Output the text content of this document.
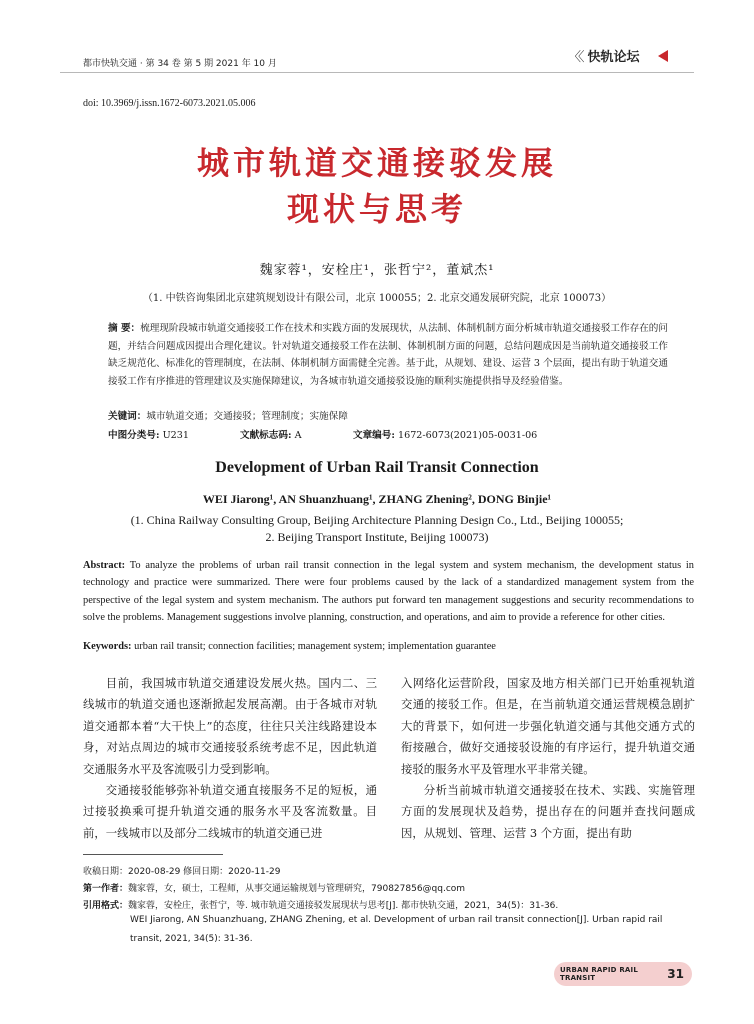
都市快轨交通 · 第 34 卷 第 5 期 2021 年 10 月	〈〈 快轨论坛
doi: 10.3969/j.issn.1672-6073.2021.05.006
城市轨道交通接驳发展
现状与思考
魏家蓉¹，安栓庄¹，张哲宁²，董斌杰¹
（1. 中铁咨询集团北京建筑规划设计有限公司，北京 100055；2. 北京交通发展研究院，北京 100073）
摘 要：梳理现阶段城市轨道交通接驳工作在技术和实践方面的发展现状，从法制、体制机制方面分析城市轨道交通接驳工作存在的问题，并结合问题成因提出合理化建议。针对轨道交通接驳工作在法制、体制机制方面的问题，总结问题成因是当前轨道交通接驳工作缺乏规范化、标准化的管理制度，在法制、体制机制方面需健全完善。基于此，从规划、建设、运营 3 个层面，提出有助于轨道交通接驳工作有序推进的管理建议及实施保障建议，为各城市轨道交通接驳设施的顺利实施提供指导及经验借鉴。
关键词：城市轨道交通；交通接驳；管理制度；实施保障
中图分类号: U231	文献标志码: A	文章编号: 1672-6073(2021)05-0031-06
Development of Urban Rail Transit Connection
WEI Jiarong¹, AN Shuanzhuang¹, ZHANG Zhening², DONG Binjie¹
(1. China Railway Consulting Group, Beijing Architecture Planning Design Co., Ltd., Beijing 100055;
2. Beijing Transport Institute, Beijing 100073)
Abstract: To analyze the problems of urban rail transit connection in the legal system and system mechanism, the development status in technology and practice were summarized. There were four problems caused by the lack of a standardized management system from the perspective of the legal system and system mechanism. The authors put forward ten management suggestions and security recommendations to solve the problems. Management suggestions involve planning, construction, and operations, and aim to provide a reference for other cities.
Keywords: urban rail transit; connection facilities; management system; implementation guarantee

目前，我国城市轨道交通建设发展火热。国内二、三线城市的轨道交通也逐渐掀起发展高潮。由于各城市对轨道交通都本着“大干快上”的态度，往往只关注线路建设本身，对站点周边的城市交通接驳系统考虑不足，因此轨道交通服务水平及客流吸引力受到影响。

交通接驳能够弥补轨道交通直接服务不足的短板，通过接驳换乘可提升轨道交通的服务水平及客流数量。目前，一线城市以及部分二线城市的轨道交通已进

入网络化运营阶段，国家及地方相关部门已开始重视轨道交通的接驳工作。但是，在当前轨道交通运营规模急剧扩大的背景下，如何进一步强化轨道交通与其他交通方式的衔接融合，做好交通接驳设施的有序运行，提升轨道交通接驳的服务水平及管理水平非常关键。

分析当前城市轨道交通接驳在技术、实践、实施管理方面的发展现状及趋势，提出存在的问题并查找问题成因，从规划、管理、运营 3 个方面，提出有助

收稿日期：2020-08-29 修回日期：2020-11-29
第一作者：魏家蓉，女，硕士，工程师，从事交通运输规划与管理研究，790827856@qq.com
引用格式：魏家蓉，安栓庄，张哲宁，等. 城市轨道交通接驳发展现状与思考[J]. 都市快轨交通，2021，34(5)：31-36.
WEI Jiarong, AN Shuanzhuang, ZHANG Zhening, et al. Development of urban rail transit connection[J]. Urban rapid rail
transit, 2021, 34(5): 31-36.
URBAN RAPID RAIL TRANSIT	31
